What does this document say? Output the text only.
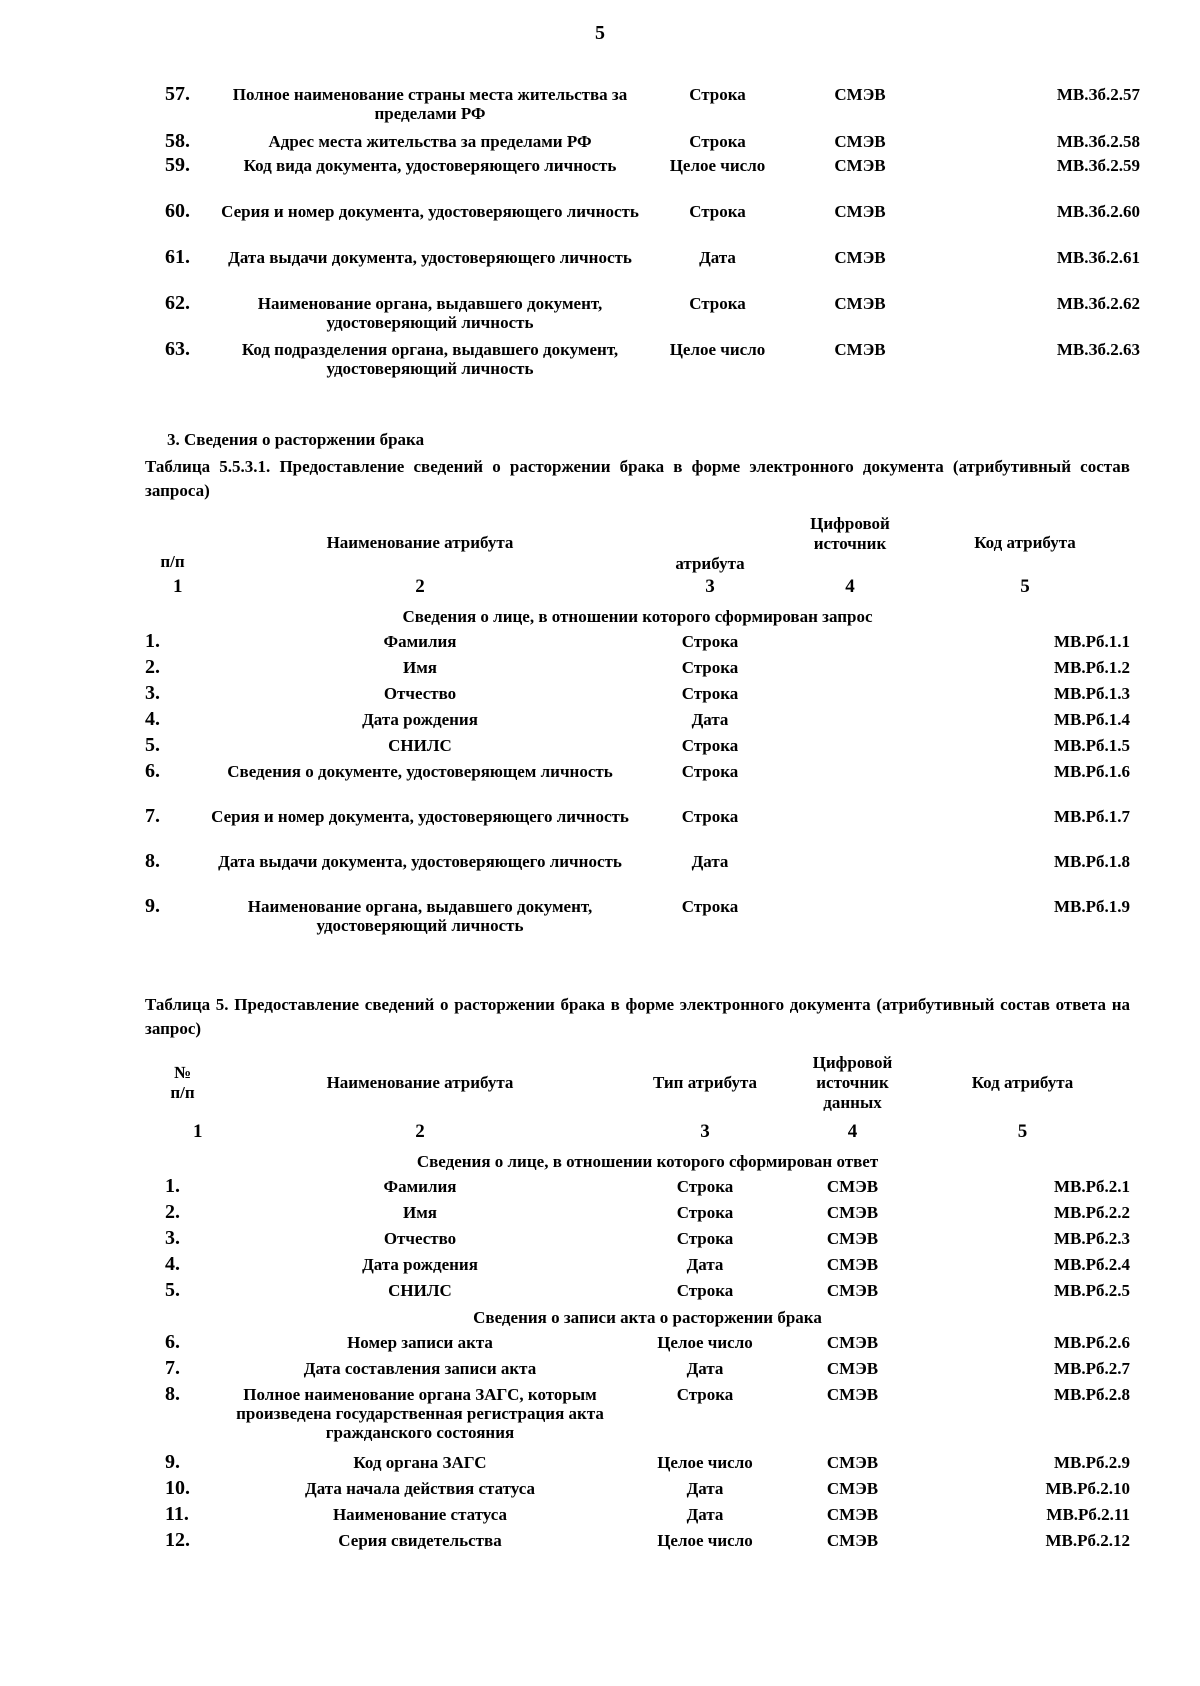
5
57.	Полное наименование страны места жительства за пределами РФ	Строка	СМЭВ	МВ.Зб.2.57
58.	Адрес места жительства за пределами РФ	Строка	СМЭВ	МВ.Зб.2.58
59.	Код вида документа, удостоверяющего личность	Целое число	СМЭВ	МВ.Зб.2.59
60.	Серия и номер документа, удостоверяющего личность	Строка	СМЭВ	МВ.Зб.2.60
61.	Дата выдачи документа, удостоверяющего личность	Дата	СМЭВ	МВ.Зб.2.61
62.	Наименование органа, выдавшего документ, удостоверяющий личность	Строка	СМЭВ	МВ.Зб.2.62
63.	Код подразделения органа, выдавшего документ, удостоверяющий личность	Целое число	СМЭВ	МВ.Зб.2.63
3. Сведения о расторжении брака
Таблица 5.5.3.1. Предоставление сведений о расторжении брака в форме электронного документа (атрибутивный состав запроса)
п/п	Наименование атрибута	атрибута	Цифровой источник	Код атрибута
1	2	3	4	5
Сведения о лице, в отношении которого сформирован запрос				
1.	Фамилия	Строка		МВ.Рб.1.1
2.	Имя	Строка		МВ.Рб.1.2
3.	Отчество	Строка		МВ.Рб.1.3
4.	Дата рождения	Дата		МВ.Рб.1.4
5.	СНИЛС	Строка		МВ.Рб.1.5
6.	Сведения о документе, удостоверяющем личность	Строка		МВ.Рб.1.6
7.	Серия и номер документа, удостоверяющего личность	Строка		МВ.Рб.1.7
8.	Дата выдачи документа, удостоверяющего личность	Дата		МВ.Рб.1.8
9.	Наименование органа, выдавшего документ, удостоверяющий личность	Строка		МВ.Рб.1.9
Таблица 5. Предоставление сведений о расторжении брака в форме электронного документа (атрибутивный состав ответа на запрос)
№ п/п	Наименование атрибута	Тип атрибута	Цифровой источник данных	Код атрибута
1	2	3	4	5
Сведения о лице, в отношении которого сформирован ответ				
1.	Фамилия	Строка	СМЭВ	МВ.Рб.2.1
2.	Имя	Строка	СМЭВ	МВ.Рб.2.2
3.	Отчество	Строка	СМЭВ	МВ.Рб.2.3
4.	Дата рождения	Дата	СМЭВ	МВ.Рб.2.4
5.	СНИЛС	Строка	СМЭВ	МВ.Рб.2.5
Сведения о записи акта о расторжении брака				
6.	Номер записи акта	Целое число	СМЭВ	МВ.Рб.2.6
7.	Дата составления записи акта	Дата	СМЭВ	МВ.Рб.2.7
8.	Полное наименование органа ЗАГС, которым произведена государственная регистрация акта гражданского состояния	Строка	СМЭВ	МВ.Рб.2.8
9.	Код органа ЗАГС	Целое число	СМЭВ	МВ.Рб.2.9
10.	Дата начала действия статуса	Дата	СМЭВ	МВ.Рб.2.10
11.	Наименование статуса	Дата	СМЭВ	МВ.Рб.2.11
12.	Серия свидетельства	Целое число	СМЭВ	МВ.Рб.2.12
